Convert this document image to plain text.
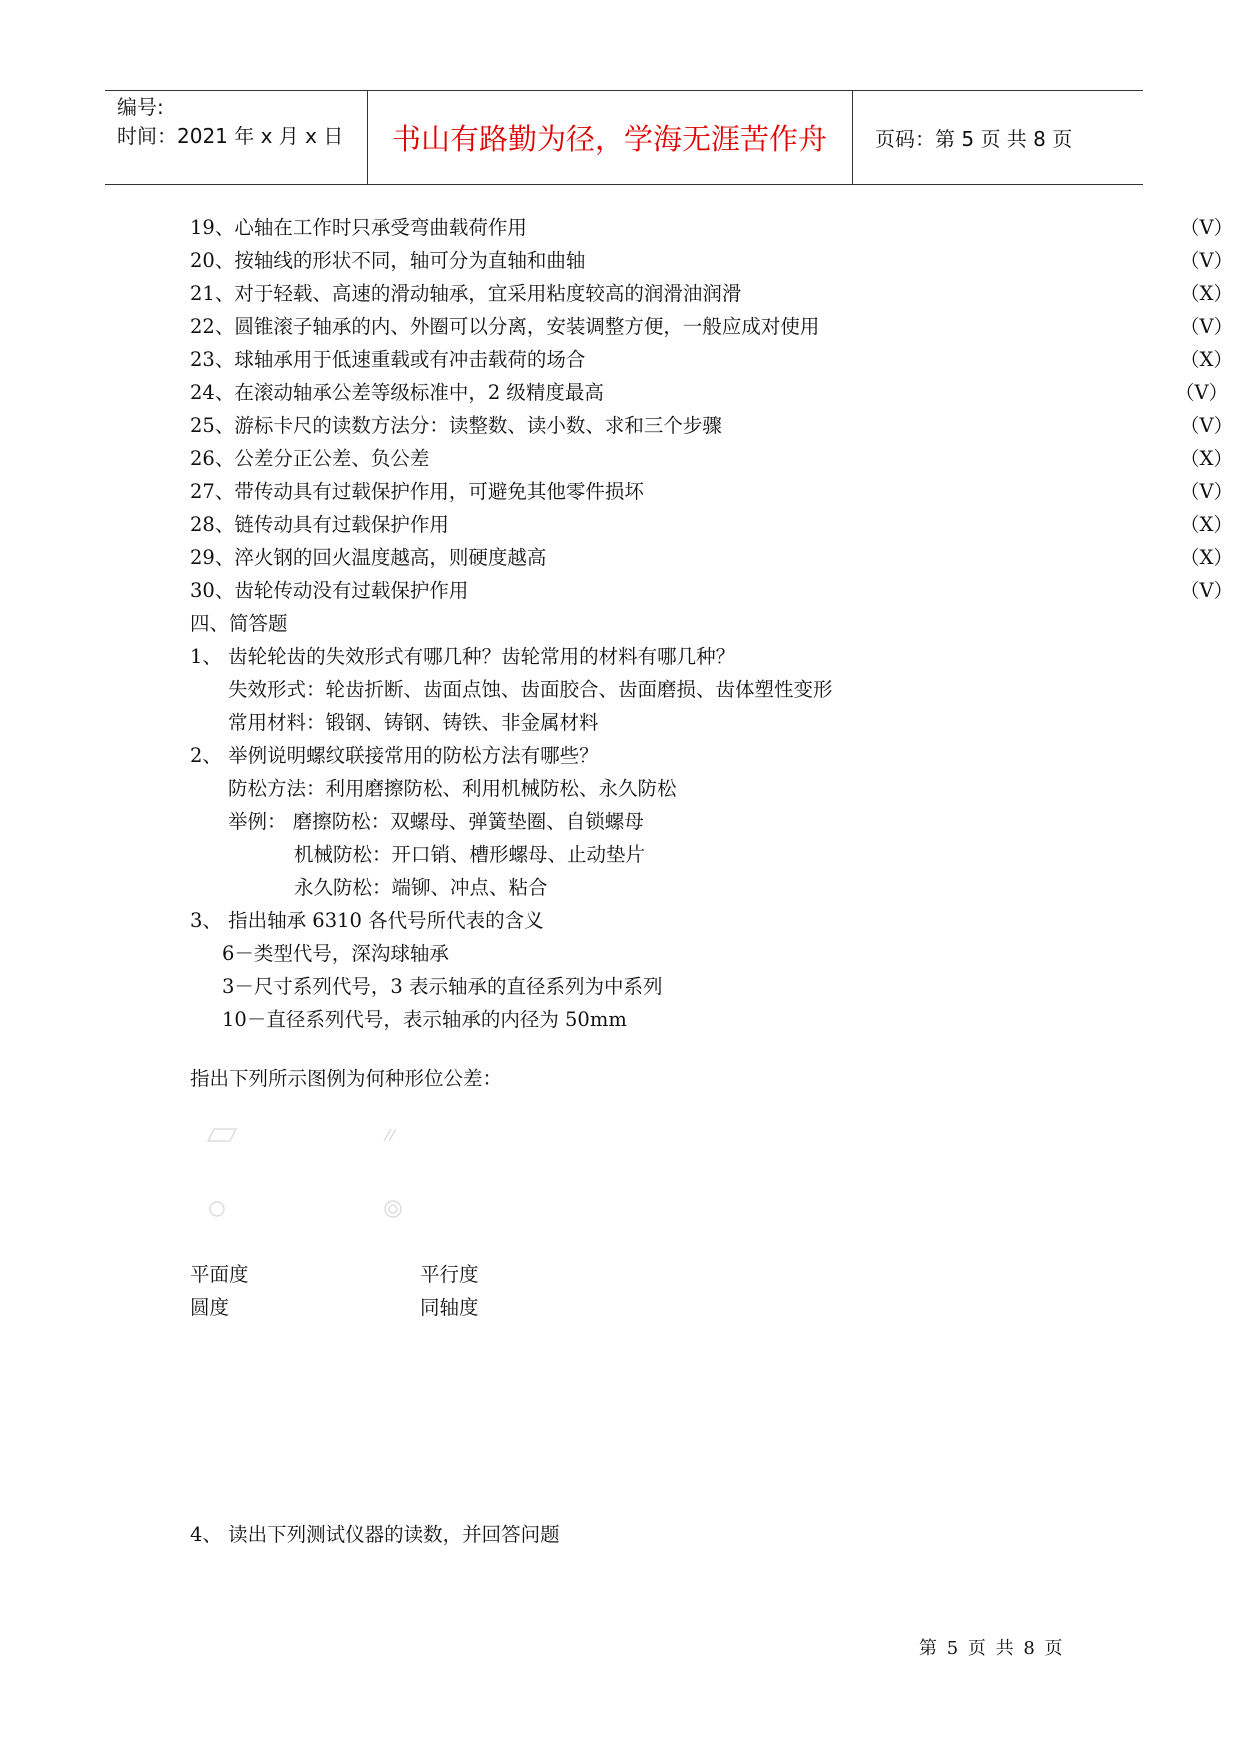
编号:
时间：2021 年 x 月 x 日	书山有路勤为径，学海无涯苦作舟	页码：第 5 页 共 8 页
19、心轴在工作时只承受弯曲载荷作用	（V）
20、按轴线的形状不同，轴可分为直轴和曲轴	（V）
21、对于轻载、高速的滑动轴承，宜采用粘度较高的润滑油润滑	（X）
22、圆锥滚子轴承的内、外圈可以分离，安装调整方便，一般应成对使用	（V）
23、球轴承用于低速重载或有冲击载荷的场合	（X）
24、在滚动轴承公差等级标准中，2 级精度最高	（V）
25、游标卡尺的读数方法分：读整数、读小数、求和三个步骤	（V）
26、公差分正公差、负公差	（X）
27、带传动具有过载保护作用，可避免其他零件损坏	（V）
28、链传动具有过载保护作用	（X）
29、淬火钢的回火温度越高，则硬度越高	（X）
30、齿轮传动没有过载保护作用	（V）
四、简答题
1、 齿轮轮齿的失效形式有哪几种？齿轮常用的材料有哪几种？
失效形式：轮齿折断、齿面点蚀、齿面胶合、齿面磨损、齿体塑性变形
常用材料：锻钢、铸钢、铸铁、非金属材料
2、 举例说明螺纹联接常用的防松方法有哪些？
防松方法：利用磨擦防松、利用机械防松、永久防松
举例： 磨擦防松：双螺母、弹簧垫圈、自锁螺母
机械防松：开口销、槽形螺母、止动垫片
永久防松：端铆、冲点、粘合
3、 指出轴承 6310 各代号所代表的含义
6－类型代号，深沟球轴承
3－尺寸系列代号，3 表示轴承的直径系列为中系列
10－直径系列代号，表示轴承的内径为 50mm
指出下列所示图例为何种形位公差：
平面度	平行度
圆度	同轴度
4、 读出下列测试仪器的读数，并回答问题
第 5 页 共 8 页
